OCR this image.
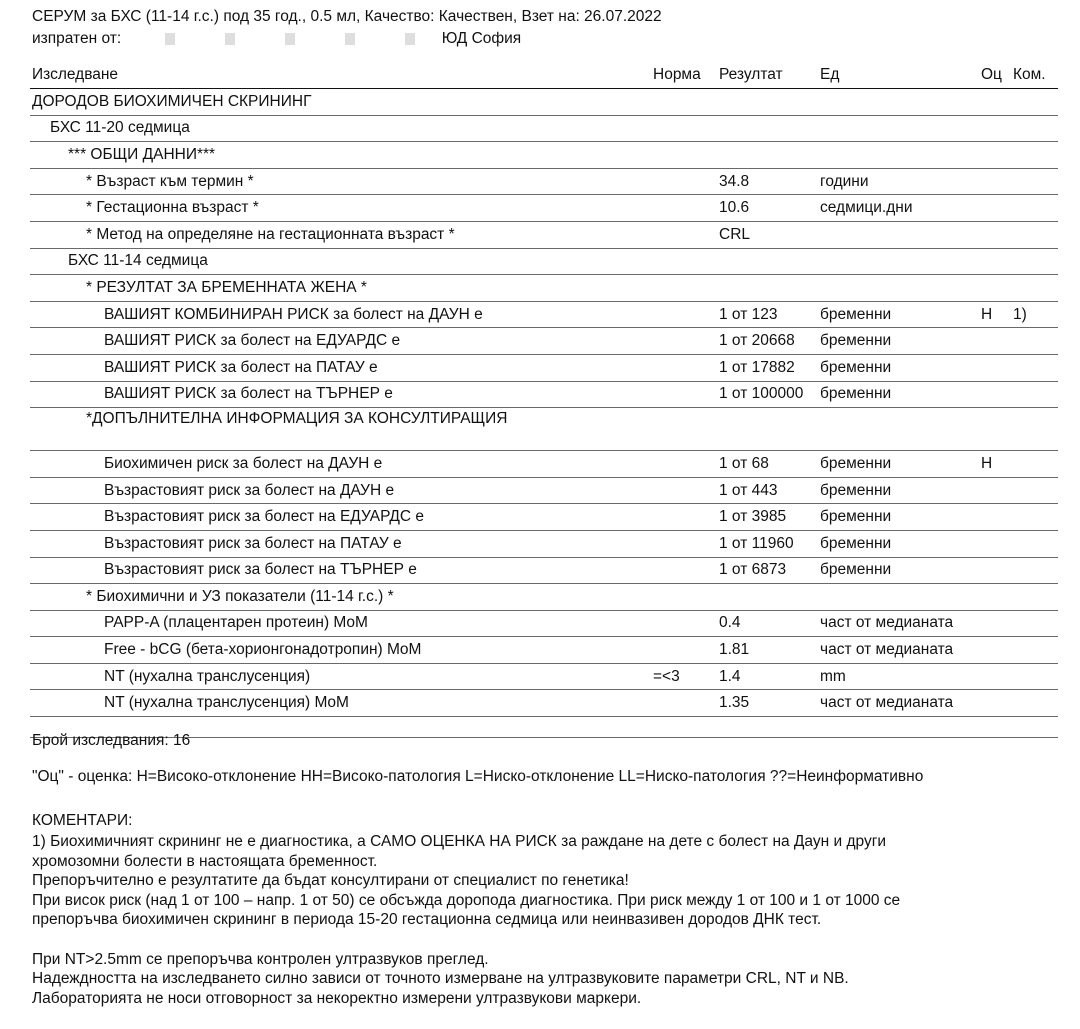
СЕРУМ за БХС (11-14 г.с.) под 35 год., 0.5 мл, Качество: Качествен, Взет на: 26.07.2022
изпратен от:	ЮД София
Изследване	Норма	Резултат	Ед	Оц	Ком.
ДОРОДОВ БИОХИМИЧЕН СКРИНИНГ					
БХС 11-20 седмица					
*** ОБЩИ ДАННИ***					
* Възраст към термин *		34.8	години		
* Гестационна възраст *		10.6	седмици.дни		
* Метод на определяне на гестационната възраст *		CRL			
БХС 11-14 седмица					
* РЕЗУЛТАТ ЗА БРЕМЕННАТА ЖЕНА *					
ВАШИЯТ КОМБИНИРАН РИСК за болест на ДАУН е		1 от 123	бременни	Н	1)
ВАШИЯТ РИСК за болест на ЕДУАРДС е		1 от 20668	бременни		
ВАШИЯТ РИСК за болест на ПАТАУ е		1 от 17882	бременни		
ВАШИЯТ РИСК за болест на ТЪРНЕР е		1 от 100000	бременни		
*ДОПЪЛНИТЕЛНА ИНФОРМАЦИЯ ЗА КОНСУЛТИРАЩИЯ					
Биохимичен риск за болест на ДАУН е		1 от 68	бременни	Н	
Възрастовият риск за болест на ДАУН е		1 от 443	бременни		
Възрастовият риск за болест на ЕДУАРДС е		1 от 3985	бременни		
Възрастовият риск за болест на ПАТАУ е		1 от 11960	бременни		
Възрастовият риск за болест на ТЪРНЕР е		1 от 6873	бременни		
* Биохимични и УЗ показатели (11-14 г.с.) *					
PAPP-A (плацентарен протеин) MoM		0.4	част от медианата		
Free - bCG (бета-хорионгонадотропин) MoM		1.81	част от медианата		
NT (нухална транслусенция)	=<3	1.4	mm		
NT (нухална транслусенция) MoM		1.35	част от медианата		

Брой изследвания: 16
"Оц" - оценка: H=Високо-отклонение HH=Високо-патология L=Ниско-отклонение LL=Ниско-патология ??=Неинформативно
КОМЕНТАРИ:
1) Биохимичният скрининг не е диагностика, а САМО ОЦЕНКА НА РИСК за раждане на дете с болест на Даун и други
хромозомни болести в настоящата бременност.
Препоръчително е резултатите да бъдат консултирани от специалист по генетика!
При висок риск (над 1 от 100 – напр. 1 от 50) се обсъжда доропода диагностика. При риск между 1 от 100 и 1 от 1000 се
препоръчва биохимичен скрининг в периода 15-20 гестационна седмица или неинвазивен дородов ДНК тест.
При NT>2.5mm се препоръчва контролен ултразвуков преглед.
Надеждността на изследването силно зависи от точното измерване на ултразвуковите параметри CRL, NT и NB.
Лабораторията не носи отговорност за некоректно измерени ултразвукови маркери.
